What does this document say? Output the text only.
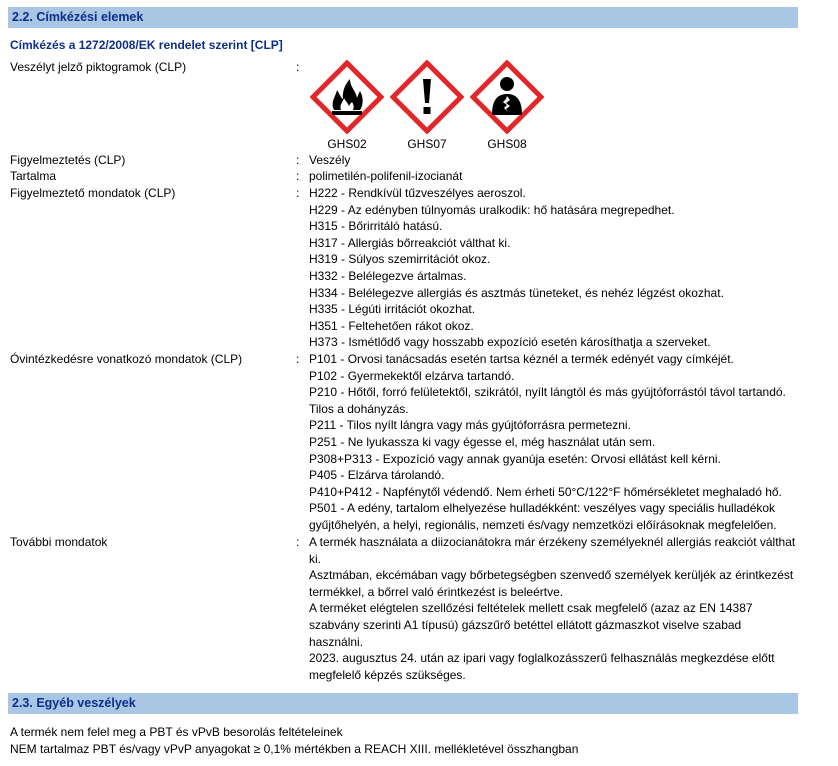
2.2. Címkézési elemek
Címkézés a 1272/2008/EK rendelet szerint [CLP]
Veszélyt jelző piktogramok (CLP)	:
GHS02	GHS07	GHS08
Figyelmeztetés (CLP)	: Veszély
Tartalma	: polimetilén-polifenil-izocianát
Figyelmeztető mondatok (CLP)	: H222 - Rendkívül tűzveszélyes aeroszol.
H229 - Az edényben túlnyomás uralkodik: hő hatására megrepedhet.
H315 - Bőrirritáló hatású.
H317 - Allergiás bőrreakciót válthat ki.
H319 - Súlyos szemirritációt okoz.
H332 - Belélegezve ártalmas.
H334 - Belélegezve allergiás és asztmás tüneteket, és nehéz légzést okozhat.
H335 - Légúti irritációt okozhat.
H351 - Feltehetően rákot okoz.
H373 - Ismétlődő vagy hosszabb expozíció esetén károsíthatja a szerveket.
Óvintézkedésre vonatkozó mondatok (CLP)	: P101 - Orvosi tanácsadás esetén tartsa kéznél a termék edényét vagy címkéjét.
P102 - Gyermekektől elzárva tartandó.
P210 - Hőtől, forró felületektől, szikrától, nyílt lángtól és más gyújtóforrástól távol tartandó.
Tilos a dohányzás.
P211 - Tilos nyílt lángra vagy más gyújtóforrásra permetezni.
P251 - Ne lyukassza ki vagy égesse el, még használat után sem.
P308+P313 - Expozíció vagy annak gyanúja esetén: Orvosi ellátást kell kérni.
P405 - Elzárva tárolandó.
P410+P412 - Napfénytől védendő. Nem érheti 50°C/122°F hőmérsékletet meghaladó hő.
P501 - A edény, tartalom elhelyezése hulladékként: veszélyes vagy speciális hulladékok
gyűjtőhelyén, a helyi, regionális, nemzeti és/vagy nemzetközi előírásoknak megfelelően.
További mondatok	: A termék használata a diizocianátokra már érzékeny személyeknél allergiás reakciót válthat
ki.
Asztmában, ekcémában vagy bőrbetegségben szenvedő személyek kerüljék az érintkezést
termékkel, a bőrrel való érintkezést is beleértve.
A terméket elégtelen szellőzési feltételek mellett csak megfelelő (azaz az EN 14387
szabvány szerinti A1 típusú) gázszűrő betéttel ellátott gázmaszkot viselve szabad
használni.
2023. augusztus 24. után az ipari vagy foglalkozásszerű felhasználás megkezdése előtt
megfelelő képzés szükséges.
2.3. Egyéb veszélyek
A termék nem felel meg a PBT és vPvB besorolás feltételeinek
NEM tartalmaz PBT és/vagy vPvP anyagokat ≥ 0,1% mértékben a REACH XIII. mellékletével összhangban
